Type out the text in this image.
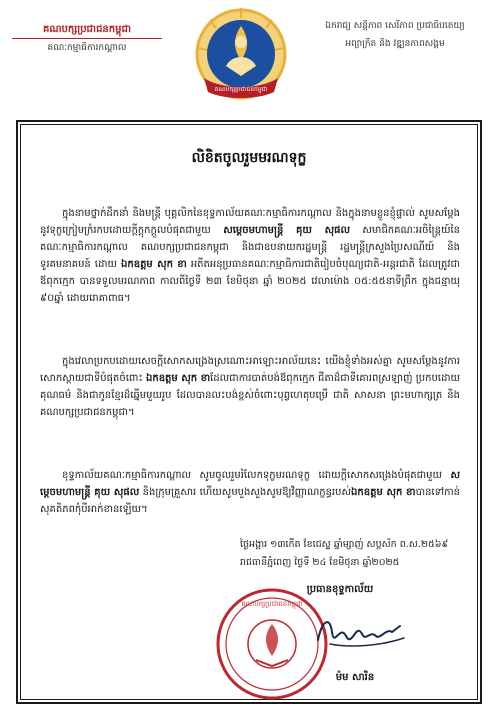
គណបក្សប្រជាជនកម្ពុជា
គណៈកម្មាធិការកណ្តាល
ឯករាជ្យ សន្តិភាព សេរីភាព ប្រជាធិបតេយ្យ
អព្យាក្រឹត និង វឌ្ឍនភាពសង្គម
គណបក្សប្រជាជនកម្ពុជា
លិខិតចូលរួមមរណទុក្ខ
ក្នុងនាមថ្នាក់ដឹកនាំ និងមន្ត្រី បុគ្គលិកនៃខុទ្ទកាល័យគណៈកម្មាធិការកណ្តាល និងក្នុងនាមខ្លួនខ្ញុំផ្ទាល់ សូមសម្តែងនូវទុក្ខក្រៀមក្រំរកបដោយក្តីក្តុកក្តួលបំផុតជាមួយ សម្តេចមហាមន្ត្រី គុយ សុផល សមាជិកគណៈអចិន្ត្រៃយ៍នៃគណៈកម្មាធិការកណ្តាល គណបក្សប្រជាជនកម្ពុជា និងជាឧបនាយករដ្ឋមន្ត្រី រដ្ឋមន្ត្រីក្រសួងប្រៃសណីយ៍ និងទូរគមនាគមន៍ ដោយ ឯកឧត្តម សុក ខា អតីតអនុប្រធានគណៈកម្មាធិការជាតិរៀបចំបុណ្យជាតិ-អន្តរជាតិ ដែលត្រូវជាឪពុកក្មេក បានទទួលមរណភាព កាលពីថ្ងៃទី ២៣ ខែមិថុនា ឆ្នាំ ២០២៥ វេលាម៉ោង ០៥:៥៥នាទីព្រឹក ក្នុងជន្មាយុ ៩០ឆ្នាំ ដោយរោគាពាធ។
ក្នុងវេលាប្រកបដោយសេចក្តីសោកសង្រេងស្រណោះអាឡោះអាល័យនេះ យើងខ្ញុំទាំងអស់គ្នា សូមសម្តែងនូវការសោកស្តាយជាទីបំផុតចំពោះ ឯកឧត្តម សុក ខាដែលជាការបាត់បង់ឪពុកក្មេក ជីតាដ៏ជាទីគោរពស្រឡាញ់ ប្រកបដោយគុណធម៌ និងជាកូនខ្មែរដ៏ឆ្នើមមួយរូប ដែលបានលះបង់ខ្ពស់ចំពោះបុព្វហេតុបម្រើ ជាតិ សាសនា ព្រះមហាក្សត្រ និងគណបក្សប្រជាជនកម្ពុជា។
ខុទ្ទកាល័យគណៈកម្មាធិការកណ្តាល សូមចូលរួមរំលែកទុក្ខមរណទុក្ខ ដោយក្តីសោកសង្រេងបំផុតជាមួយ សម្តេចមហាមន្ត្រី គុយ សុផល និងក្រុមគ្រួសារ ហើយសូមបួងសួងសូមឱ្យវិញ្ញាណក្ខន្ធរបស់ឯកឧត្តម សុក ខាបានទៅកាន់សុគតិភពកុំបីអាក់ខានឡើយ។
ថ្ងៃអង្គារ ១៣កើត ខែជេស្ឋ ឆ្នាំម្សាញ់ សប្តស័ក ព.ស.២៥៦៩
រាជធានីភ្នំពេញ ថ្ងៃទី ២៤ ខែមិថុនា ឆ្នាំ២០២៥
ប្រធានខុទ្ទកាល័យ
គណបក្សប្រជាជនកម្ពុជា
ម៉ម សារិន
